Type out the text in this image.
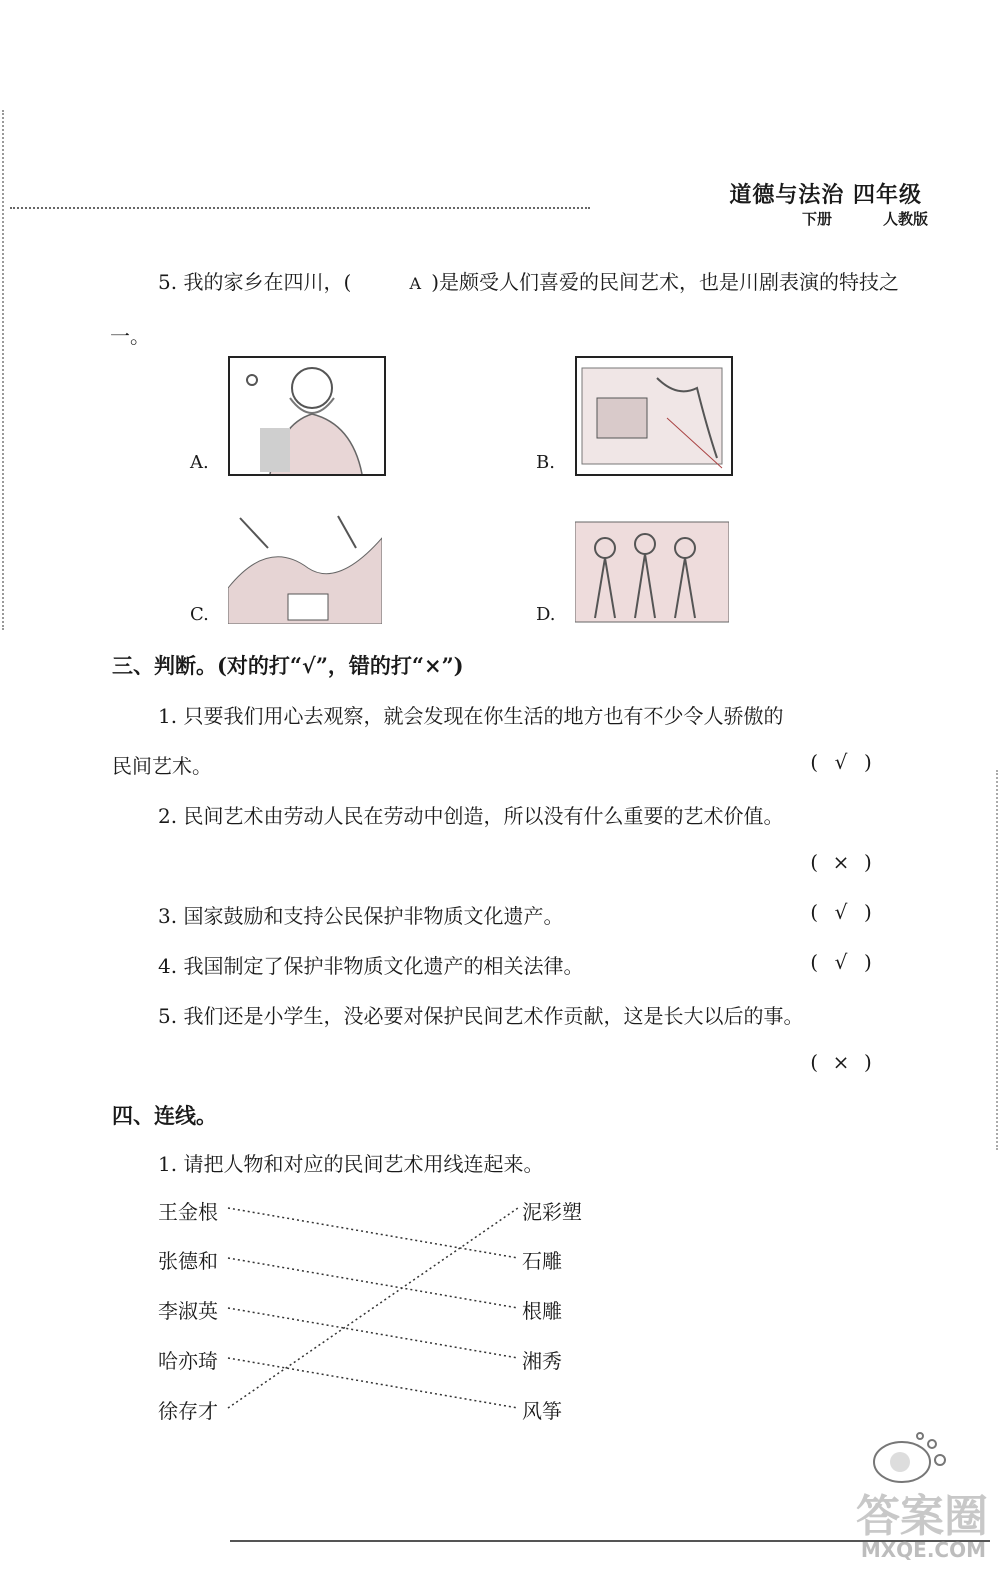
道德与法治 四年级
下册	人教版
5. 我的家乡在四川，(	A )是颇受人们喜爱的民间艺术，也是川剧表演的特技之一。
A.	B.
C.	D.
三、判断。(对的打“√”，错的打“×”)
1. 只要我们用心去观察，就会发现在你生活的地方也有不少令人骄傲的
民间艺术。	( √ )
2. 民间艺术由劳动人民在劳动中创造，所以没有什么重要的艺术价值。
( × )
3. 国家鼓励和支持公民保护非物质文化遗产。	( √ )
4. 我国制定了保护非物质文化遗产的相关法律。	( √ )
5. 我们还是小学生，没必要对保护民间艺术作贡献，这是长大以后的事。
( × )
四、连线。
1. 请把人物和对应的民间艺术用线连起来。
王金根
张德和
李淑英
哈亦琦
徐存才
泥彩塑
石雕
根雕
湘秀
风筝
答案圈
MXQE.COM
